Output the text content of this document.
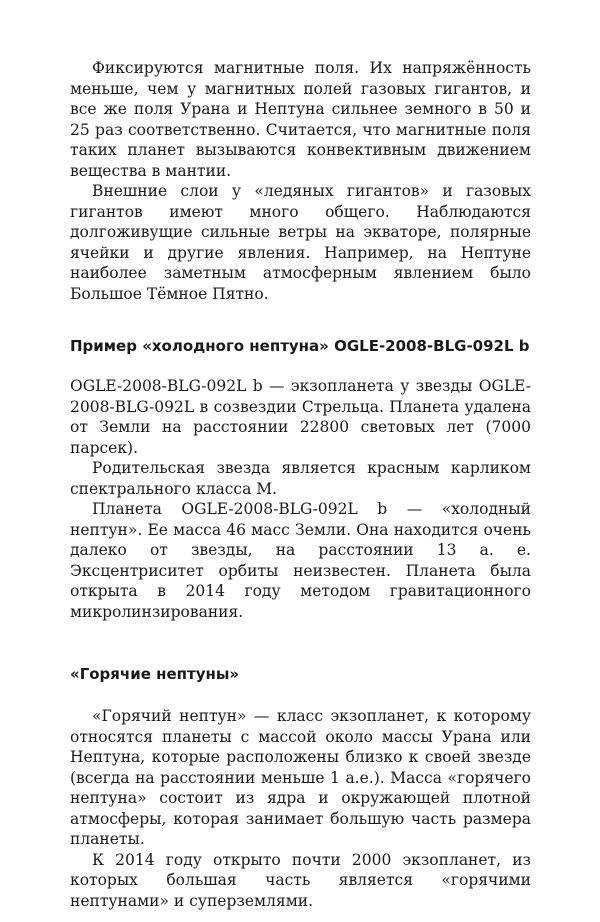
Фиксируются магнитные поля. Их напряжённость меньше, чем у магнитных полей газовых гигантов, и все же поля Урана и Нептуна сильнее земного в 50 и 25 раз соответственно. Считается, что магнитные поля таких планет вызываются конвективным движением вещества в мантии.

Внешние слои у «ледяных гигантов» и газовых гигантов имеют много общего. Наблюдаются долгоживущие сильные ветры на экваторе, полярные ячейки и другие явления. Например, на Нептуне наиболее заметным атмосферным явлением было Большое Тёмное Пятно.

Пример «холодного нептуна» OGLE-2008-BLG-092L b

OGLE-2008-BLG-092L b — экзопланета у звезды OGLE-2008-BLG-092L в созвездии Стрельца. Планета удалена от Земли на расстоянии 22800 световых лет (7000 парсек).

Родительская звезда является красным карликом спектрального класса M.

Планета OGLE-2008-BLG-092L b — «холодный нептун». Ее масса 46 масс Земли. Она находится очень далеко от звезды, на расстоянии 13 а. е. Эксцентриситет орбиты неизвестен. Планета была открыта в 2014 году методом гравитационного микролинзирования.

«Горячие нептуны»

«Горячий нептун» — класс экзопланет, к которому относятся планеты с массой около массы Урана или Нептуна, которые расположены близко к своей звезде (всегда на расстоянии меньше 1 а.е.). Масса «горячего нептуна» состоит из ядра и окружающей плотной атмосферы, которая занимает большую часть размера планеты.

К 2014 году открыто почти 2000 экзопланет, из которых большая часть является «горячими нептунами» и суперземлями.
